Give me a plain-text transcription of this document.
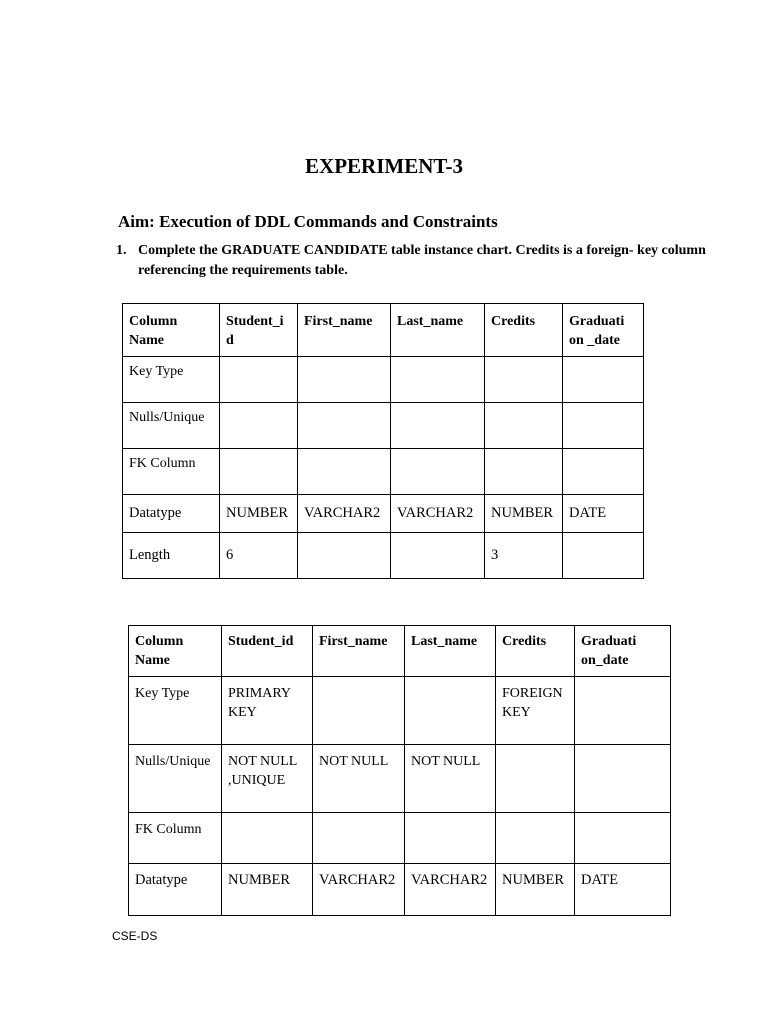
EXPERIMENT-3
Aim: Execution of DDL Commands and Constraints
1. Complete the GRADUATE CANDIDATE table instance chart. Credits is a foreign- key column referencing the requirements table.
Column Name	Student_id	First_name	Last_name	Credits	Graduati on _date
Key Type					
Nulls/Unique					
FK Column					
Datatype	NUMBER	VARCHAR2	VARCHAR2	NUMBER	DATE
Length	6			3	
Column Name	Student_id	First_name	Last_name	Credits	Graduati on_date
Key Type	PRIMARY KEY			FOREIGN KEY	
Nulls/Unique	NOT NULL ,UNIQUE	NOT NULL	NOT NULL		
FK Column					
Datatype	NUMBER	VARCHAR2	VARCHAR2	NUMBER	DATE
CSE-DS
